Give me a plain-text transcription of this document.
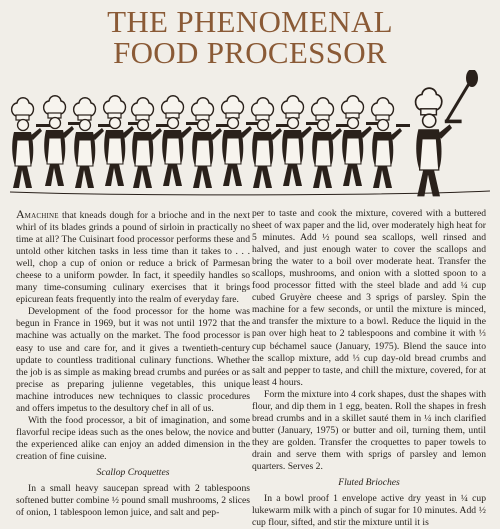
THE PHENOMENAL
FOOD PROCESSOR

Amachine that kneads dough for a brioche and in the next whirl of its blades grinds a pound of sirloin in practically no time at all? The Cuisinart food processor performs these and untold other kitchen tasks in less time than it takes to . . . well, chop a cup of onion or reduce a brick of Parmesan cheese to a uniform powder. In fact, it speedily handles so many time-consuming culinary exercises that it brings epicurean feats frequently into the realm of everyday fare.

Development of the food processor for the home was begun in France in 1969, but it was not until 1972 that the machine was actually on the market. The food processor is easy to use and care for, and it gives a twentieth-century update to countless traditional culinary functions. Whether the job is as simple as making bread crumbs and purées or as precise as preparing julienne vegetables, this unique machine introduces new techniques to classic procedures and offers impetus to the desultory chef in all of us.

With the food processor, a bit of imagination, and some flavorful recipe ideas such as the ones below, the novice and the experienced alike can enjoy an added dimension in the creation of fine cuisine.

Scallop Croquettes

In a small heavy saucepan spread with 2 tablespoons softened butter combine ½ pound small mushrooms, 2 slices of onion, 1 tablespoon lemon juice, and salt and pep-

per to taste and cook the mixture, covered with a buttered sheet of wax paper and the lid, over moderately high heat for 5 minutes. Add ½ pound sea scallops, well rinsed and halved, and just enough water to cover the scallops and bring the water to a boil over moderate heat. Transfer the scallops, mushrooms, and onion with a slotted spoon to a food processor fitted with the steel blade and add ¼ cup cubed Gruyère cheese and 3 sprigs of parsley. Spin the machine for a few seconds, or until the mixture is minced, and transfer the mixture to a bowl. Reduce the liquid in the pan over high heat to 2 tablespoons and combine it with ⅓ cup béchamel sauce (January, 1975). Blend the sauce into the scallop mixture, add ⅓ cup day-old bread crumbs and salt and pepper to taste, and chill the mixture, covered, for at least 4 hours.

Form the mixture into 4 cork shapes, dust the shapes with flour, and dip them in 1 egg, beaten. Roll the shapes in fresh bread crumbs and in a skillet sauté them in ¼ inch clarified butter (January, 1975) or butter and oil, turning them, until they are golden. Transfer the croquettes to paper towels to drain and serve them with sprigs of parsley and lemon quarters. Serves 2.

Fluted Brioches

In a bowl proof 1 envelope active dry yeast in ¼ cup lukewarm milk with a pinch of sugar for 10 minutes. Add ½ cup flour, sifted, and stir the mixture until it is
